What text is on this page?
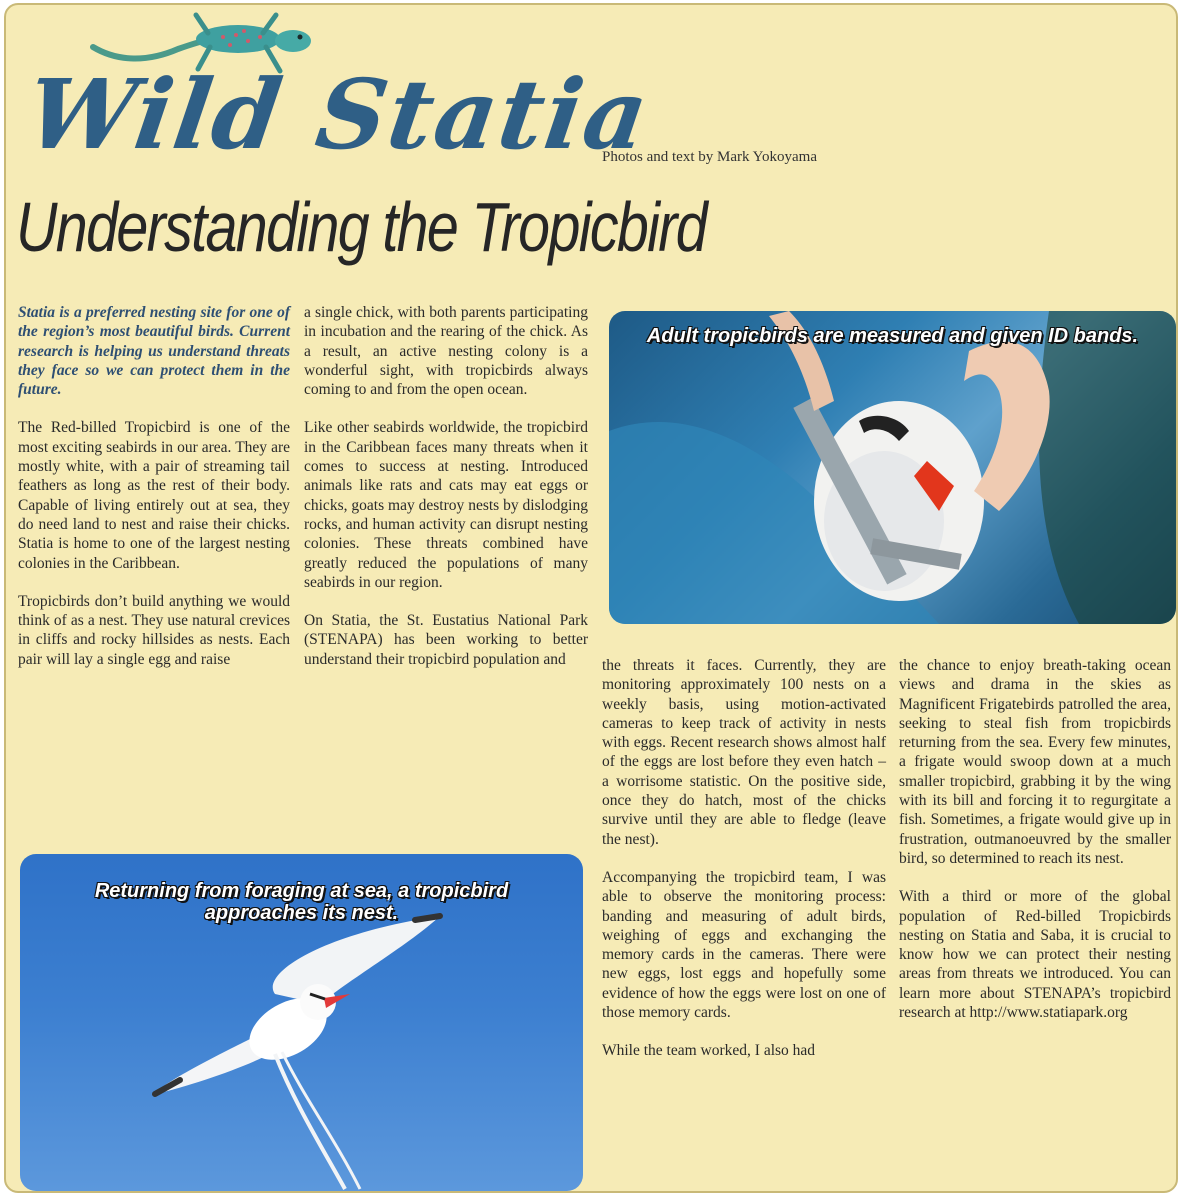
Wild Statia
Photos and text by Mark Yokoyama
Understanding the Tropicbird

Statia is a preferred nesting site for one of the region’s most beautiful birds. Current research is helping us understand threats they face so we can protect them in the future.

The Red-billed Tropicbird is one of the most exciting seabirds in our area. They are mostly white, with a pair of streaming tail feathers as long as the rest of their body. Capable of living entirely out at sea, they do need land to nest and raise their chicks. Statia is home to one of the largest nesting colonies in the Caribbean.

Tropicbirds don’t build anything we would think of as a nest. They use natural crevices in cliffs and rocky hillsides as nests. Each pair will lay a single egg and raise

a single chick, with both parents participating in incubation and the rearing of the chick. As a result, an active nesting colony is a wonderful sight, with tropicbirds always coming to and from the open ocean.

Like other seabirds worldwide, the tropicbird in the Caribbean faces many threats when it comes to success at nesting. Introduced animals like rats and cats may eat eggs or chicks, goats may destroy nests by dislodging rocks, and human activity can disrupt nesting colonies. These threats combined have greatly reduced the populations of many seabirds in our region.

On Statia, the St. Eustatius National Park (STENAPA) has been working to better understand their tropicbird population and

Adult tropicbirds are measured and given ID bands.
Returning from foraging at sea, a tropicbird approaches its nest.

the threats it faces. Currently, they are monitoring approximately 100 nests on a weekly basis, using motion-activated cameras to keep track of activity in nests with eggs. Recent research shows almost half of the eggs are lost before they even hatch – a worrisome statistic. On the positive side, once they do hatch, most of the chicks survive until they are able to fledge (leave the nest).

Accompanying the tropicbird team, I was able to observe the monitoring process: banding and measuring of adult birds, weighing of eggs and exchanging the memory cards in the cameras. There were new eggs, lost eggs and hopefully some evidence of how the eggs were lost on one of those memory cards.

While the team worked, I also had

the chance to enjoy breath-taking ocean views and drama in the skies as Magnificent Frigatebirds patrolled the area, seeking to steal fish from tropicbirds returning from the sea. Every few minutes, a frigate would swoop down at a much smaller tropicbird, grabbing it by the wing with its bill and forcing it to regurgitate a fish. Sometimes, a frigate would give up in frustration, outmanoeuvred by the smaller bird, so determined to reach its nest.

With a third or more of the global population of Red-billed Tropicbirds nesting on Statia and Saba, it is crucial to know how we can protect their nesting areas from threats we introduced. You can learn more about STENAPA’s tropicbird research at http://www.statiapark.org
